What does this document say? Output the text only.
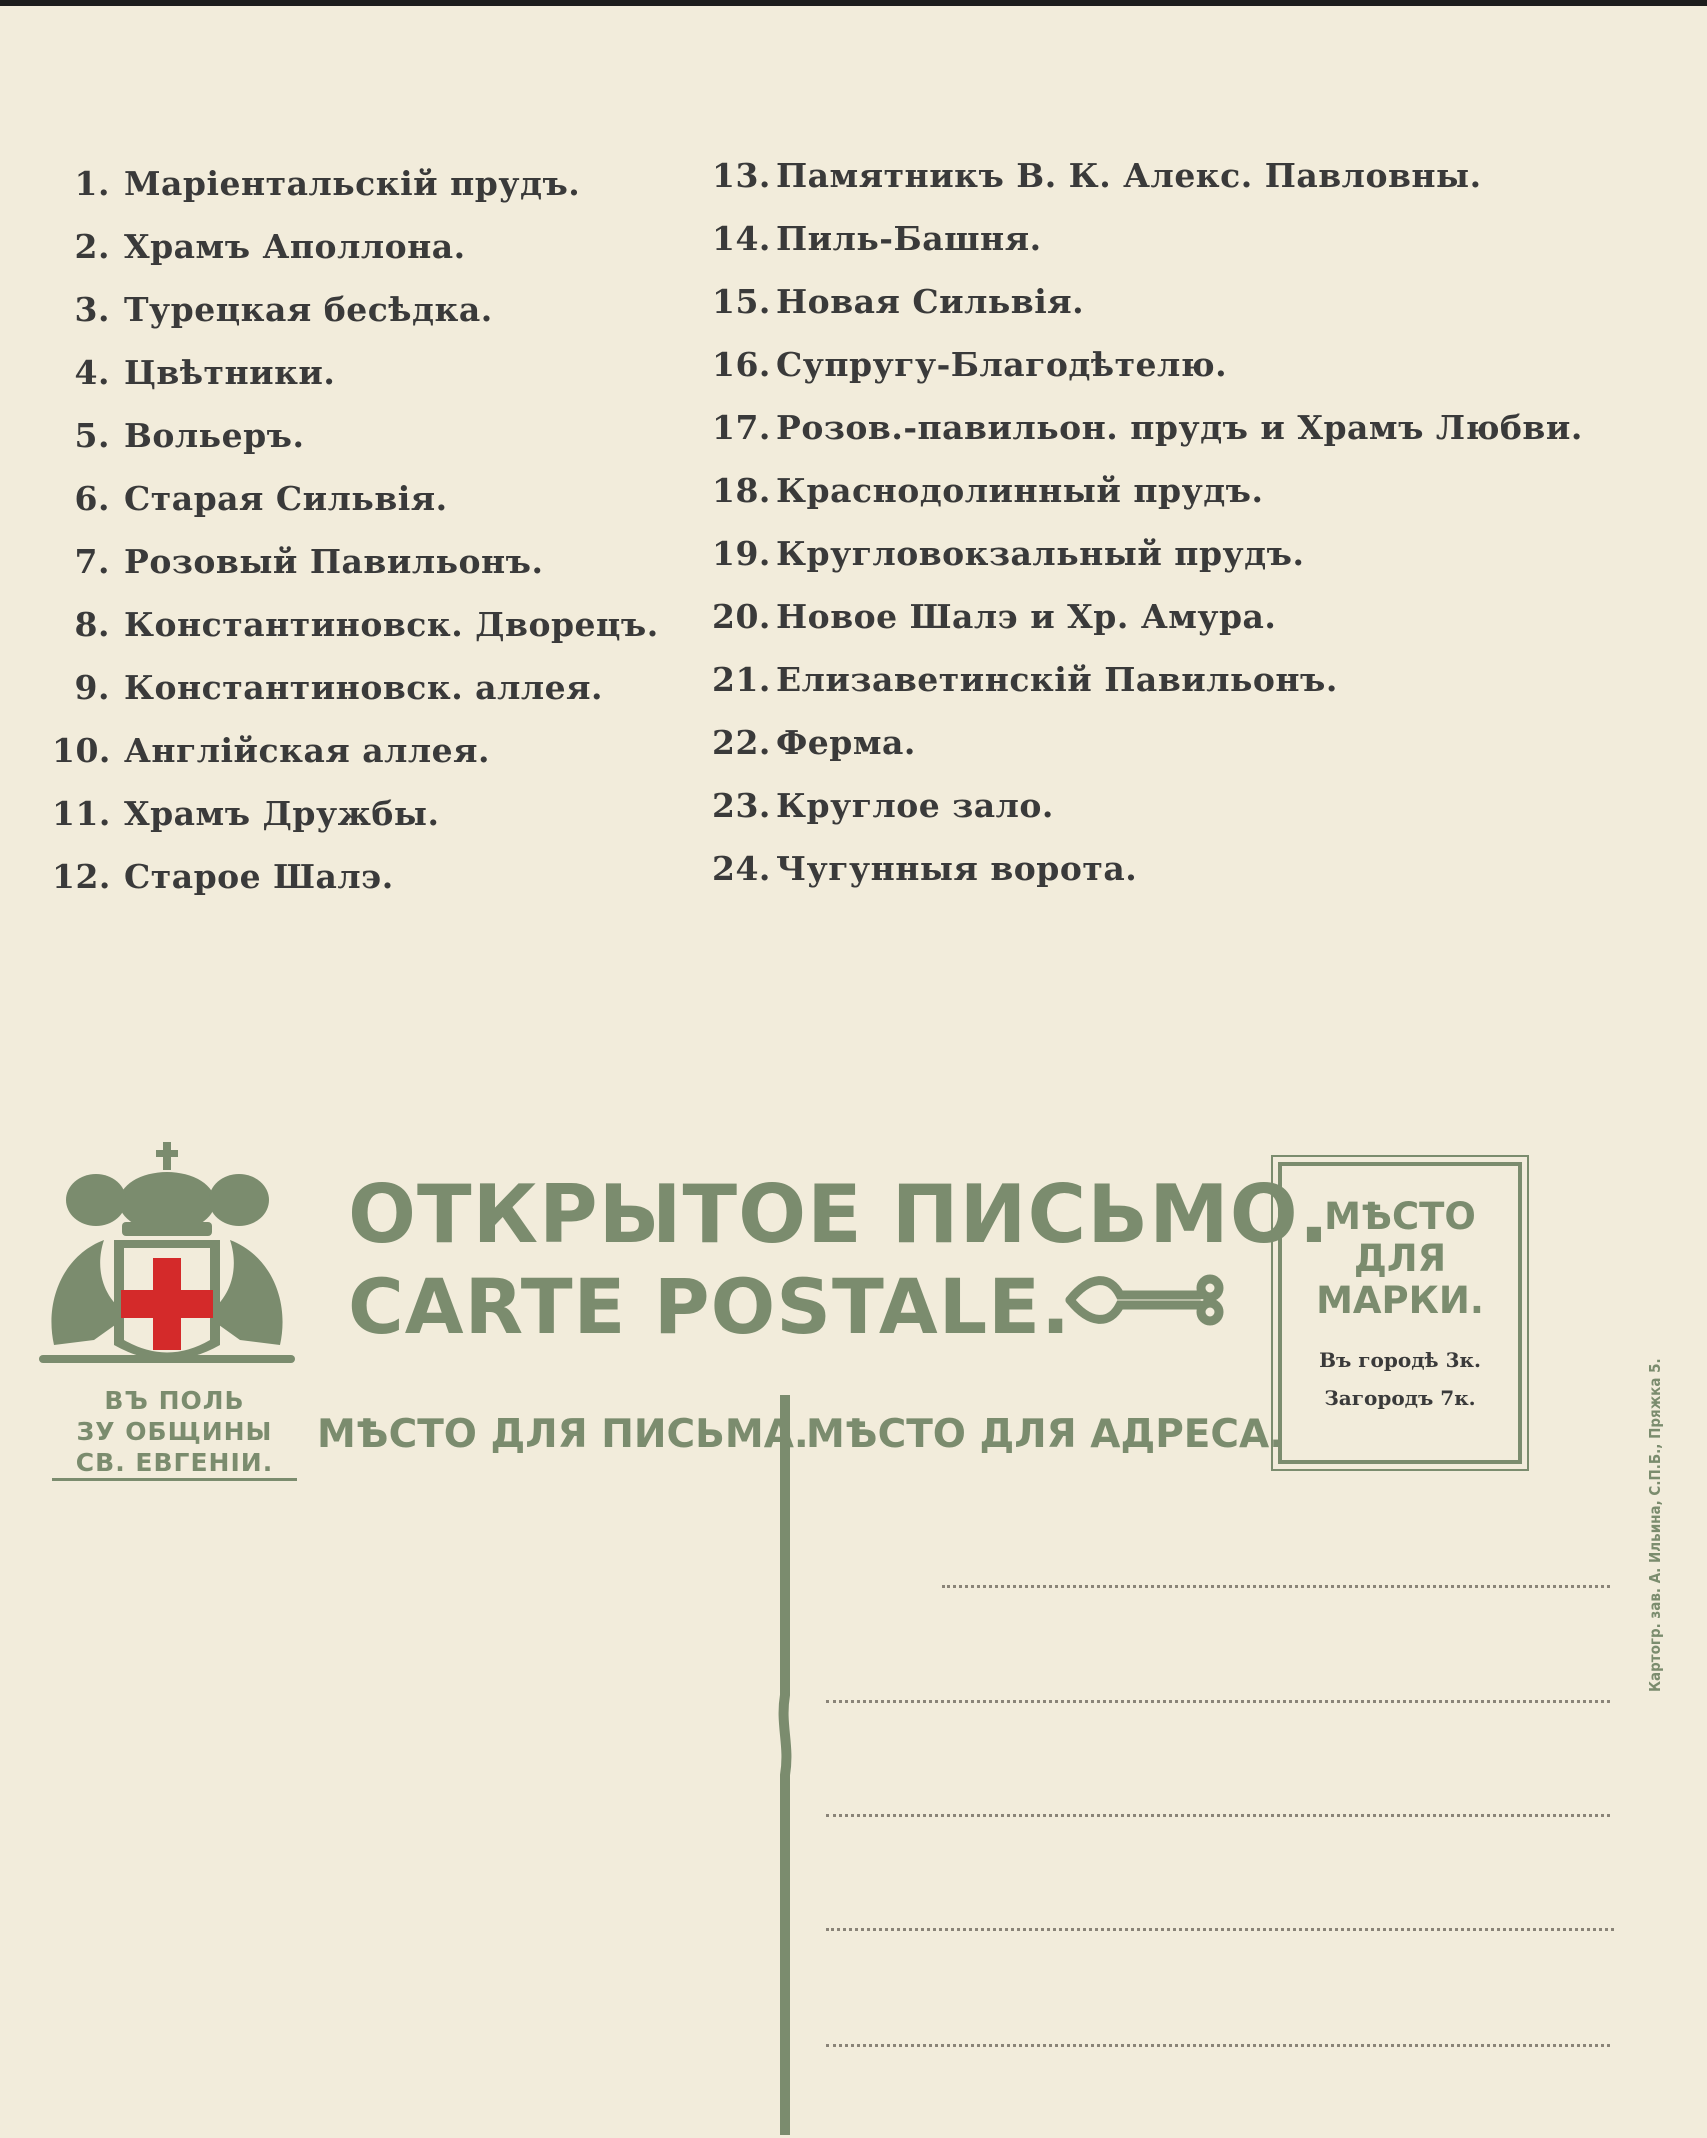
1. Маріентальскій прудъ.
2. Храмъ Аполлона.
3. Турецкая бесѣдка.
4. Цвѣтники.
5. Вольеръ.
6. Старая Сильвія.
7. Розовый Павильонъ.
8. Константиновск. Дворецъ.
9. Константиновск. аллея.
10. Англійская аллея.
11. Храмъ Дружбы.
12. Старое Шалэ.
13. Памятникъ В. К. Алекс. Павловны.
14. Пиль-Башня.
15. Новая Сильвія.
16. Супругу-Благодѣтелю.
17. Розов.-павильон. прудъ и Храмъ Любви.
18. Краснодолинный прудъ.
19. Кругловокзальный прудъ.
20. Новое Шалэ и Хр. Амура.
21. Елизаветинскій Павильонъ.
22. Ферма.
23. Круглое зало.
24. Чугунныя ворота.
ВЪ ПОЛЬ
ЗУ ОБЩИНЫ
СВ. ЕВГЕНІИ.
ОТКРЫТОЕ ПИСЬМО.
CARTE POSTALE.
МѢСТО ДЛЯ ПИСЬМА.
МѢСТО ДЛЯ АДРЕСА.
МѢСТО
ДЛЯ
МАРКИ.
Въ городѣ 3к.
Загородъ 7к.	Картогр. зав. А. Ильина, С.П.Б., Пряжка 5.
